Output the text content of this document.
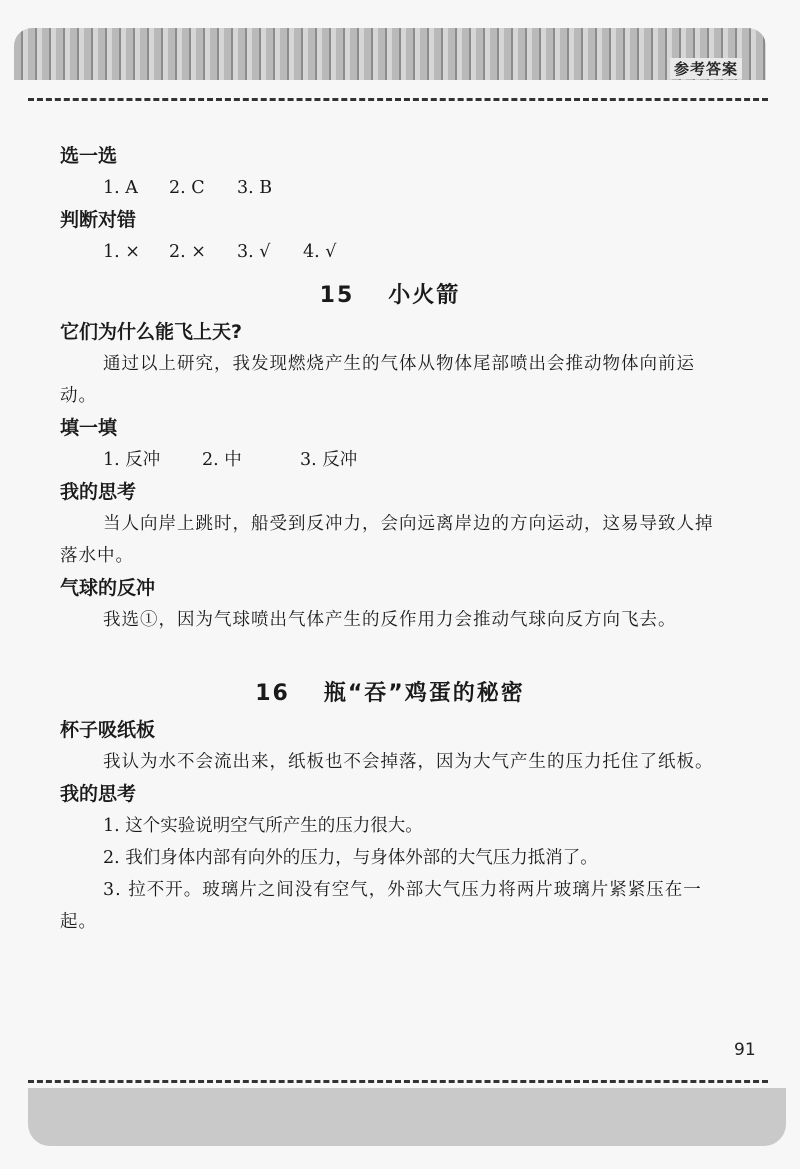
参考答案

选一选

1. A 2. C 3. B

判断对错

1. × 2. × 3. √ 4. √

15 小火箭

它们为什么能飞上天?

通过以上研究，我发现燃烧产生的气体从物体尾部喷出会推动物体向前运动。

填一填

1. 反冲 2. 中	3. 反冲

我的思考

当人向岸上跳时，船受到反冲力，会向远离岸边的方向运动，这易导致人掉落水中。

气球的反冲

我选①，因为气球喷出气体产生的反作用力会推动气球向反方向飞去。

16 瓶“吞”鸡蛋的秘密

杯子吸纸板

我认为水不会流出来，纸板也不会掉落，因为大气产生的压力托住了纸板。

我的思考

1. 这个实验说明空气所产生的压力很大。

2. 我们身体内部有向外的压力，与身体外部的大气压力抵消了。

3. 拉不开。玻璃片之间没有空气，外部大气压力将两片玻璃片紧紧压在一起。

91
